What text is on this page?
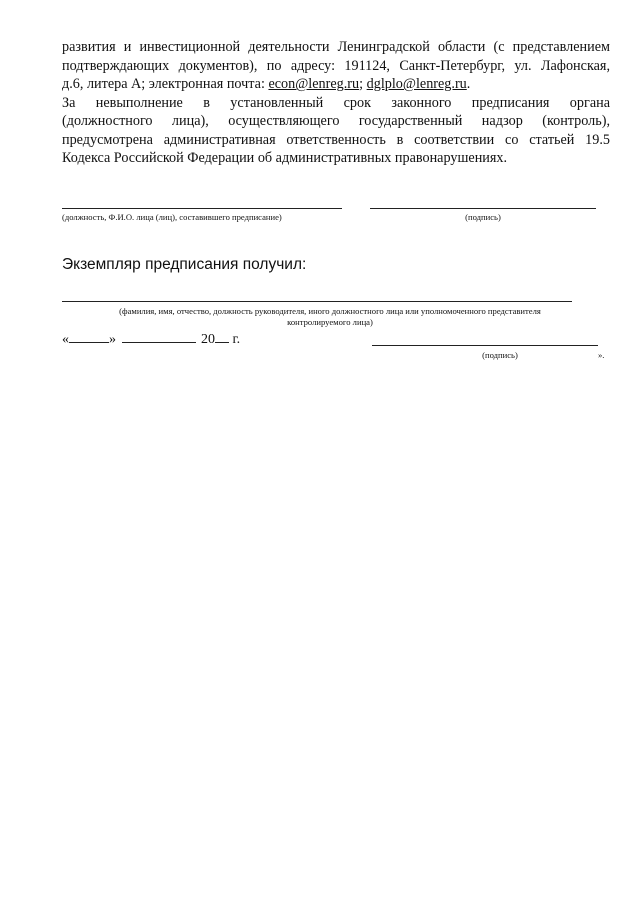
развития и инвестиционной деятельности Ленинградской области (с представлением
подтверждающих документов), по адресу: 191124, Санкт-Петербург, ул. Лафонская,
д.6, литера А; электронная почта: econ@lenreg.ru; dglplo@lenreg.ru.
За невыполнение в установленный срок законного предписания органа
(должностного лица), осуществляющего государственный надзор (контроль),
предусмотрена административная ответственность в соответствии со статьей 19.5
Кодекса Российской Федерации об административных правонарушениях.
(должность, Ф.И.О. лица (лиц), составившего предписание)	(подпись)
Экземпляр предписания получил:
(фамилия, имя, отчество, должность руководителя, иного должностного лица или уполномоченного представителя
контролируемого лица)
«	»	20 г.
(подпись)	».
